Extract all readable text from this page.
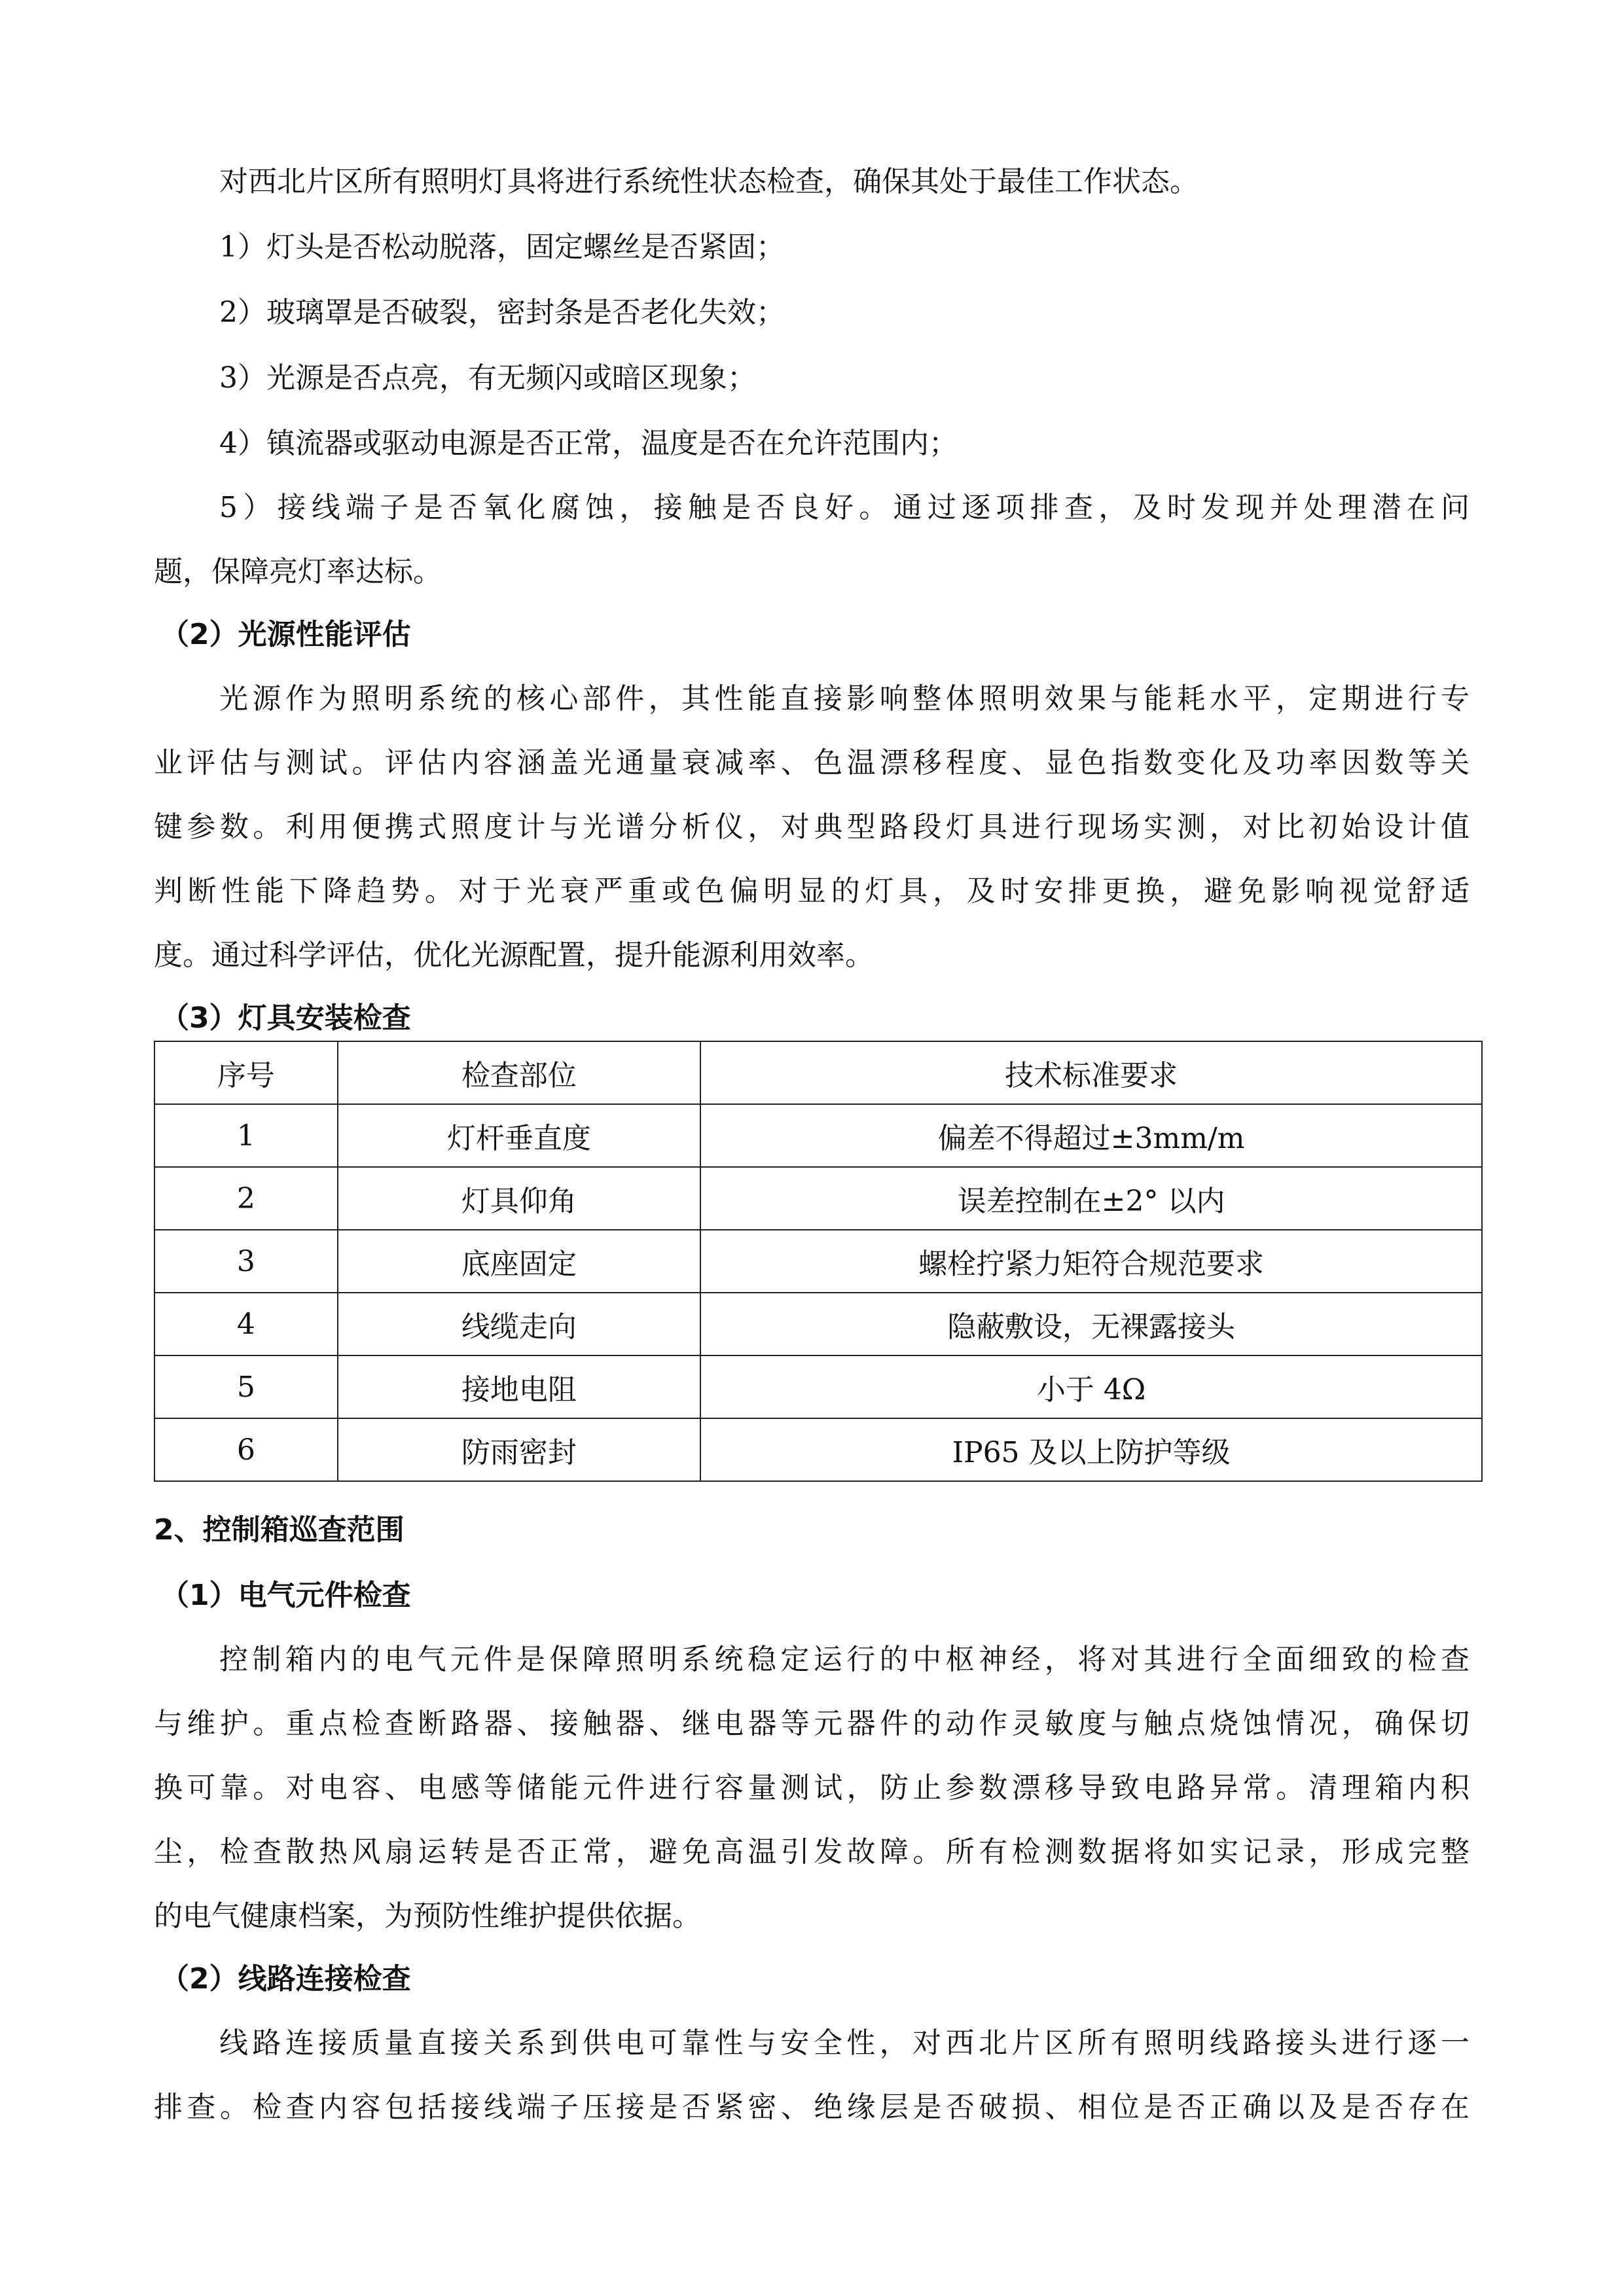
对西北片区所有照明灯具将进行系统性状态检查，确保其处于最佳工作状态。

1）灯头是否松动脱落，固定螺丝是否紧固；

2）玻璃罩是否破裂，密封条是否老化失效；

3）光源是否点亮，有无频闪或暗区现象；

4）镇流器或驱动电源是否正常，温度是否在允许范围内；

5）接线端子是否氧化腐蚀，接触是否良好。通过逐项排查，及时发现并处理潜在问

题，保障亮灯率达标。

（2）光源性能评估

光源作为照明系统的核心部件，其性能直接影响整体照明效果与能耗水平，定期进行专

业评估与测试。评估内容涵盖光通量衰减率、色温漂移程度、显色指数变化及功率因数等关

键参数。利用便携式照度计与光谱分析仪，对典型路段灯具进行现场实测，对比初始设计值

判断性能下降趋势。对于光衰严重或色偏明显的灯具，及时安排更换，避免影响视觉舒适

度。通过科学评估，优化光源配置，提升能源利用效率。

（3）灯具安装检查
序号	检查部位	技术标准要求
1	灯杆垂直度	偏差不得超过±3mm/m
2	灯具仰角	误差控制在±2° 以内
3	底座固定	螺栓拧紧力矩符合规范要求
4	线缆走向	隐蔽敷设，无裸露接头
5	接地电阻	小于 4Ω
6	防雨密封	IP65 及以上防护等级
2、控制箱巡查范围
（1）电气元件检查

控制箱内的电气元件是保障照明系统稳定运行的中枢神经，将对其进行全面细致的检查

与维护。重点检查断路器、接触器、继电器等元器件的动作灵敏度与触点烧蚀情况，确保切

换可靠。对电容、电感等储能元件进行容量测试，防止参数漂移导致电路异常。清理箱内积

尘，检查散热风扇运转是否正常，避免高温引发故障。所有检测数据将如实记录，形成完整

的电气健康档案，为预防性维护提供依据。

（2）线路连接检查

线路连接质量直接关系到供电可靠性与安全性，对西北片区所有照明线路接头进行逐一

排查。检查内容包括接线端子压接是否紧密、绝缘层是否破损、相位是否正确以及是否存在
